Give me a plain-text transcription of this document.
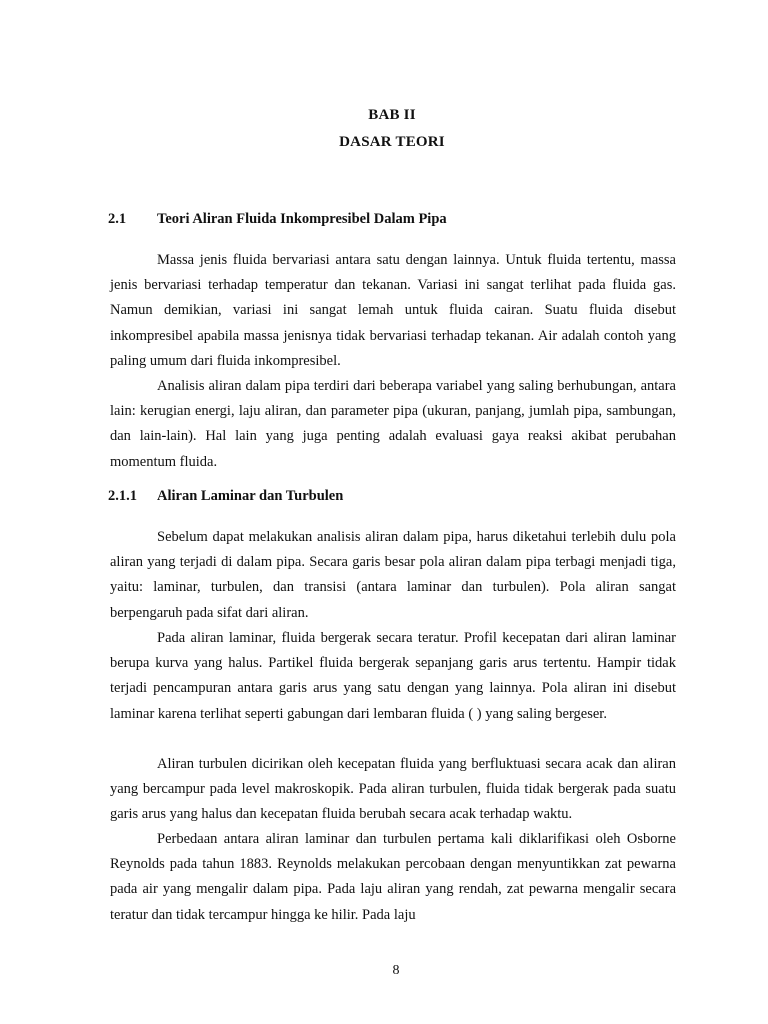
BAB II
DASAR TEORI
2.1 Teori Aliran Fluida Inkompresibel Dalam Pipa

Massa jenis fluida bervariasi antara satu dengan lainnya. Untuk fluida tertentu, massa jenis bervariasi terhadap temperatur dan tekanan. Variasi ini sangat terlihat pada fluida gas. Namun demikian, variasi ini sangat lemah untuk fluida cairan. Suatu fluida disebut inkompresibel apabila massa jenisnya tidak bervariasi terhadap tekanan. Air adalah contoh yang paling umum dari fluida inkompresibel.

Analisis aliran dalam pipa terdiri dari beberapa variabel yang saling berhubungan, antara lain: kerugian energi, laju aliran, dan parameter pipa (ukuran, panjang, jumlah pipa, sambungan, dan lain-lain). Hal lain yang juga penting adalah evaluasi gaya reaksi akibat perubahan momentum fluida.

2.1.1 Aliran Laminar dan Turbulen

Sebelum dapat melakukan analisis aliran dalam pipa, harus diketahui terlebih dulu pola aliran yang terjadi di dalam pipa. Secara garis besar pola aliran dalam pipa terbagi menjadi tiga, yaitu: laminar, turbulen, dan transisi (antara laminar dan turbulen). Pola aliran sangat berpengaruh pada sifat dari aliran.

Pada aliran laminar, fluida bergerak secara teratur. Profil kecepatan dari aliran laminar berupa kurva yang halus. Partikel fluida bergerak sepanjang garis arus tertentu. Hampir tidak terjadi pencampuran antara garis arus yang satu dengan yang lainnya. Pola aliran ini disebut laminar karena terlihat seperti gabungan dari lembaran fluida ( ) yang saling bergeser.

Aliran turbulen dicirikan oleh kecepatan fluida yang berfluktuasi secara acak dan aliran yang bercampur pada level makroskopik. Pada aliran turbulen, fluida tidak bergerak pada suatu garis arus yang halus dan kecepatan fluida berubah secara acak terhadap waktu.

Perbedaan antara aliran laminar dan turbulen pertama kali diklarifikasi oleh Osborne Reynolds pada tahun 1883. Reynolds melakukan percobaan dengan menyuntikkan zat pewarna pada air yang mengalir dalam pipa. Pada laju aliran yang rendah, zat pewarna mengalir secara teratur dan tidak tercampur hingga ke hilir. Pada laju

8
